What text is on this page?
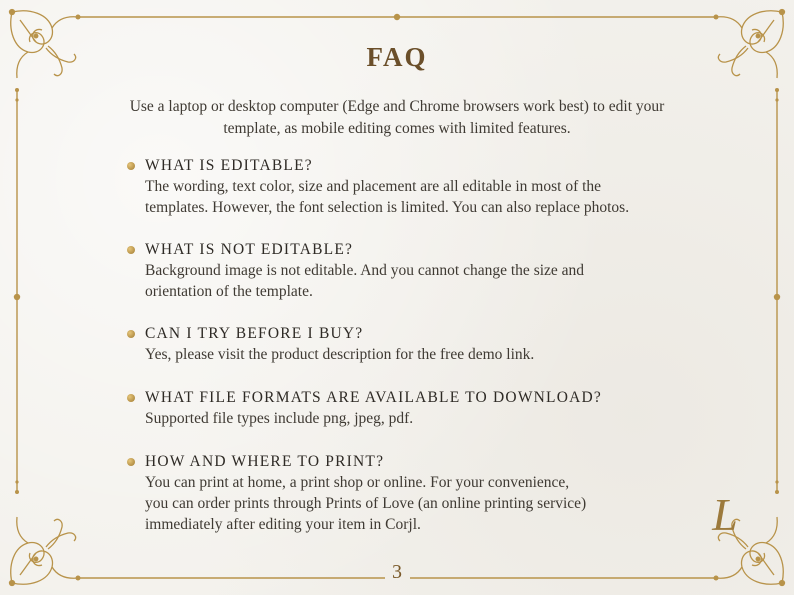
FAQ
Use a laptop or desktop computer (Edge and Chrome browsers work best) to edit your template, as mobile editing comes with limited features.
WHAT IS EDITABLE?
The wording, text color, size and placement are all editable in most of the
templates. However, the font selection is limited. You can also replace photos.
WHAT IS NOT EDITABLE?
Background image is not editable. And you cannot change the size and
orientation of the template.
CAN I TRY BEFORE I BUY?
Yes, please visit the product description for the free demo link.
WHAT FILE FORMATS ARE AVAILABLE TO DOWNLOAD?
Supported file types include png, jpeg, pdf.
HOW AND WHERE TO PRINT?
You can print at home, a print shop or online. For your convenience,
you can order prints through Prints of Love (an online printing service)
immediately after editing your item in Corjl.	L
3
